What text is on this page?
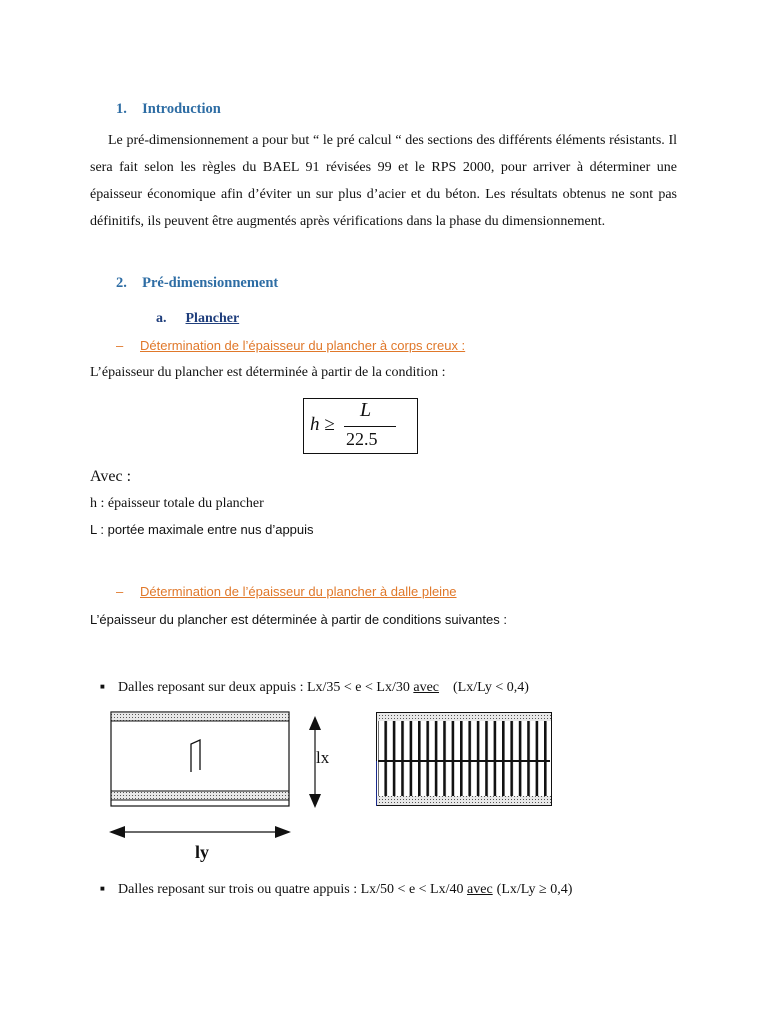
1. Introduction
Le pré-dimensionnement a pour but “ le pré calcul “ des sections des différents éléments résistants. Il sera fait selon les règles du BAEL 91 révisées 99 et le RPS 2000, pour arriver à déterminer une épaisseur économique afin d’éviter un sur plus d’acier et du béton. Les résultats obtenus ne sont pas définitifs, ils peuvent être augmentés après vérifications dans la phase du dimensionnement.
2. Pré-dimensionnement
a. Plancher
– Détermination de l’épaisseur du plancher à corps creux :
L’épaisseur du plancher est déterminée à partir de la condition :
h ≥
L
22.5
Avec :
h : épaisseur totale du plancher
L : portée maximale entre nus d’appuis
– Détermination de l’épaisseur du plancher à dalle pleine
L’épaisseur du plancher est déterminée à partir de conditions suivantes :
■ Dalles reposant sur deux appuis : Lx/35 < e < Lx/30 avec (Lx/Ly < 0,4)
lx
ly
■ Dalles reposant sur trois ou quatre appuis : Lx/50 < e < Lx/40 avec (Lx/Ly ≥ 0,4)
